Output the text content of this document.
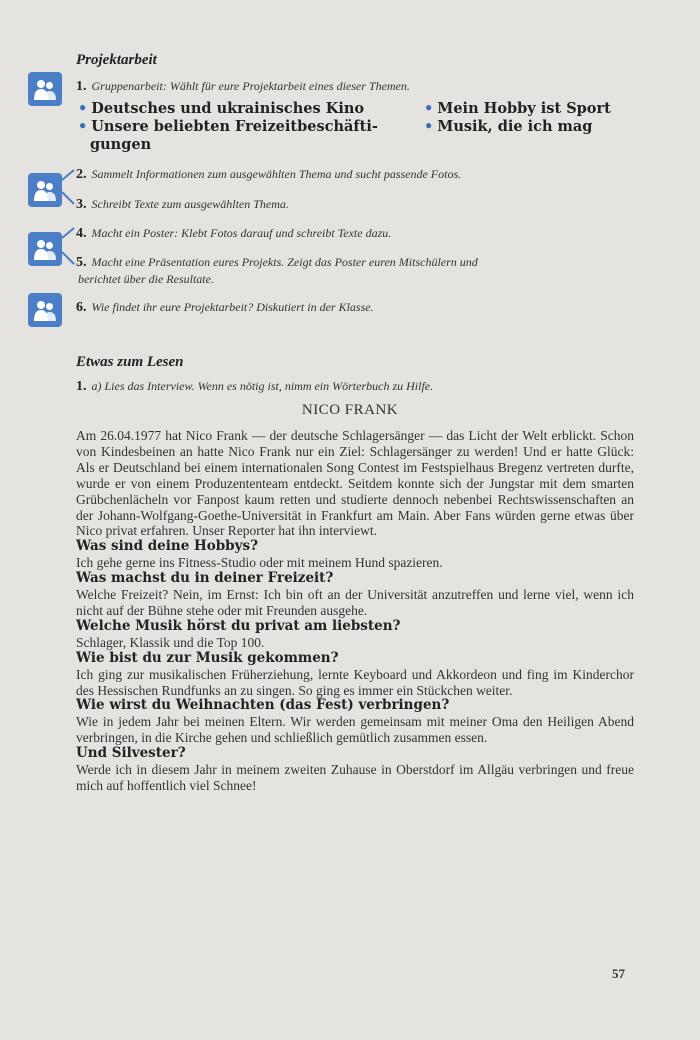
Projektarbeit
1. Gruppenarbeit: Wählt für eure Projektarbeit eines dieser Themen.
• Deutsches und ukrainisches Kino	• Mein Hobby ist Sport
• Unsere beliebten Freizeitbeschäfti-	• Musik, die ich mag
gungen
2. Sammelt Informationen zum ausgewählten Thema und sucht passende Fotos.
3. Schreibt Texte zum ausgewählten Thema.
4. Macht ein Poster: Klebt Fotos darauf und schreibt Texte dazu.
5. Macht eine Präsentation eures Projekts. Zeigt das Poster euren Mitschülern und
berichtet über die Resultate.
6. Wie findet ihr eure Projektarbeit? Diskutiert in der Klasse.
Etwas zum Lesen
1. a) Lies das Interview. Wenn es nötig ist, nimm ein Wörterbuch zu Hilfe.
NICO FRANK

Am 26.04.1977 hat Nico Frank — der deutsche Schlagersänger — das Licht der Welt erblickt. Schon von Kindesbeinen an hatte Nico Frank nur ein Ziel: Schlagersänger zu werden! Und er hatte Glück: Als er Deutschland bei einem internationalen Song Contest im Festspielhaus Bregenz vertreten durfte, wurde er von einem Produzententeam entdeckt. Seitdem konnte sich der Jungstar mit dem smarten Grübchenlächeln vor Fanpost kaum retten und studierte dennoch nebenbei Rechtswissenschaften an der Johann-Wolfgang-Goethe-Universität in Frankfurt am Main. Aber Fans würden gerne etwas über Nico privat erfahren. Unser Reporter hat ihn interviewt.

Was sind deine Hobbys?

Ich gehe gerne ins Fitness-Studio oder mit meinem Hund spazieren.

Was machst du in deiner Freizeit?

Welche Freizeit? Nein, im Ernst: Ich bin oft an der Universität anzutreffen und lerne viel, wenn ich nicht auf der Bühne stehe oder mit Freunden ausgehe.

Welche Musik hörst du privat am liebsten?

Schlager, Klassik und die Top 100.

Wie bist du zur Musik gekommen?

Ich ging zur musikalischen Früherziehung, lernte Keyboard und Akkordeon und fing im Kinderchor des Hessischen Rundfunks an zu singen. So ging es immer ein Stückchen weiter.

Wie wirst du Weihnachten (das Fest) verbringen?

Wie in jedem Jahr bei meinen Eltern. Wir werden gemeinsam mit meiner Oma den Heiligen Abend verbringen, in die Kirche gehen und schließlich gemütlich zusammen essen.

Und Silvester?

Werde ich in diesem Jahr in meinem zweiten Zuhause in Oberstdorf im Allgäu verbringen und freue mich auf hoffentlich viel Schnee!

57
